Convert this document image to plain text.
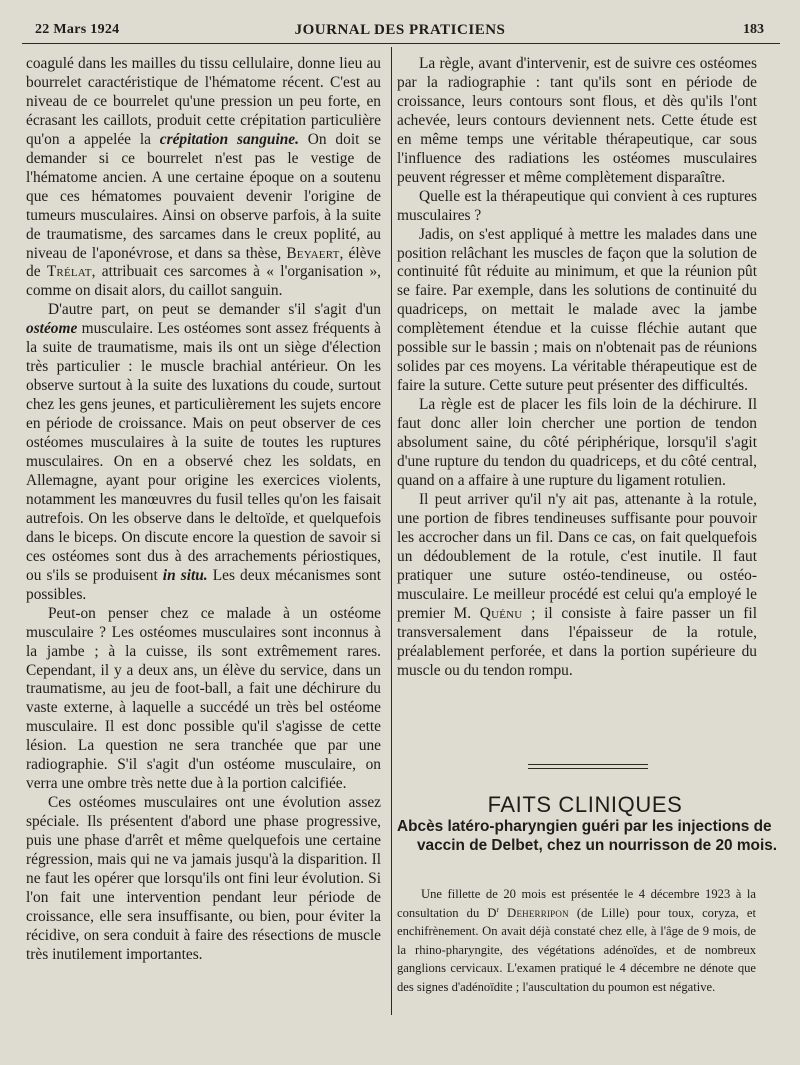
22 Mars 1924	JOURNAL DES PRATICIENS	183

coagulé dans les mailles du tissu cellulaire, donne lieu au bourrelet caractéristique de l'hématome récent. C'est au niveau de ce bourrelet qu'une pression un peu forte, en écrasant les caillots, produit cette crépitation particulière qu'on a appelée la crépitation sanguine. On doit se demander si ce bourrelet n'est pas le vestige de l'hématome ancien. A une certaine époque on a soutenu que ces hématomes pouvaient devenir l'origine de tumeurs musculaires. Ainsi on observe parfois, à la suite de traumatisme, des sarcames dans le creux poplité, au niveau de l'aponévrose, et dans sa thèse, Beyaert, élève de Trélat, attribuait ces sarcomes à « l'organisation », comme on disait alors, du caillot sanguin.

D'autre part, on peut se demander s'il s'agit d'un ostéome musculaire. Les ostéomes sont assez fréquents à la suite de traumatisme, mais ils ont un siège d'élection très particulier : le muscle brachial antérieur. On les observe surtout à la suite des luxations du coude, surtout chez les gens jeunes, et particulièrement les sujets encore en période de croissance. Mais on peut observer de ces ostéomes musculaires à la suite de toutes les ruptures musculaires. On en a observé chez les soldats, en Allemagne, ayant pour origine les exercices violents, notamment les manœuvres du fusil telles qu'on les faisait autrefois. On les observe dans le deltoïde, et quelquefois dans le biceps. On discute encore la question de savoir si ces ostéomes sont dus à des arrachements périostiques, ou s'ils se produisent in situ. Les deux mécanismes sont possibles.

Peut-on penser chez ce malade à un ostéome musculaire ? Les ostéomes musculaires sont inconnus à la jambe ; à la cuisse, ils sont extrêmement rares. Cependant, il y a deux ans, un élève du service, dans un traumatisme, au jeu de foot-ball, a fait une déchirure du vaste externe, à laquelle a succédé un très bel ostéome musculaire. Il est donc possible qu'il s'agisse de cette lésion. La question ne sera tranchée que par une radiographie. S'il s'agit d'un ostéome musculaire, on verra une ombre très nette due à la portion calcifiée.

Ces ostéomes musculaires ont une évolution assez spéciale. Ils présentent d'abord une phase progressive, puis une phase d'arrêt et même quelquefois une certaine régression, mais qui ne va jamais jusqu'à la disparition. Il ne faut les opérer que lorsqu'ils ont fini leur évolution. Si l'on fait une intervention pendant leur période de croissance, elle sera insuffisante, ou bien, pour éviter la récidive, on sera conduit à faire des résections de muscle très inutilement importantes.

La règle, avant d'intervenir, est de suivre ces ostéomes par la radiographie : tant qu'ils sont en période de croissance, leurs contours sont flous, et dès qu'ils l'ont achevée, leurs contours deviennent nets. Cette étude est en même temps une véritable thérapeutique, car sous l'influence des radiations les ostéomes musculaires peuvent régresser et même complètement disparaître.

Quelle est la thérapeutique qui convient à ces ruptures musculaires ?

Jadis, on s'est appliqué à mettre les malades dans une position relâchant les muscles de façon que la solution de continuité fût réduite au minimum, et que la réunion pût se faire. Par exemple, dans les solutions de continuité du quadriceps, on mettait le malade avec la jambe complètement étendue et la cuisse fléchie autant que possible sur le bassin ; mais on n'obtenait pas de réunions solides par ces moyens. La véritable thérapeutique est de faire la suture. Cette suture peut présenter des difficultés.

La règle est de placer les fils loin de la déchirure. Il faut donc aller loin chercher une portion de tendon absolument saine, du côté périphérique, lorsqu'il s'agit d'une rupture du tendon du quadriceps, et du côté central, quand on a affaire à une rupture du ligament rotulien.

Il peut arriver qu'il n'y ait pas, attenante à la rotule, une portion de fibres tendineuses suffisante pour pouvoir les accrocher dans un fil. Dans ce cas, on fait quelquefois un dédoublement de la rotule, c'est inutile. Il faut pratiquer une suture ostéo-tendineuse, ou ostéo-musculaire. Le meilleur procédé est celui qu'a employé le premier M. Quénu ; il consiste à faire passer un fil transversalement dans l'épaisseur de la rotule, préalablement perforée, et dans la portion supérieure du muscle ou du tendon rompu.

FAITS CLINIQUES
Abcès latéro-pharyngien guéri par les injections de vaccin de Delbet, chez un nourrisson de 20 mois.

Une fillette de 20 mois est présentée le 4 décembre 1923 à la consultation du $D^r$ Deherripon (de Lille) pour toux, coryza, et enchifrènement. On avait déjà constaté chez elle, à l'âge de 9 mois, de la rhino-pharyngite, des végétations adénoïdes, et de nombreux ganglions cervicaux. L'examen pratiqué le 4 décembre ne dénote que des signes d'adénoïdite ; l'auscultation du poumon est négative.
